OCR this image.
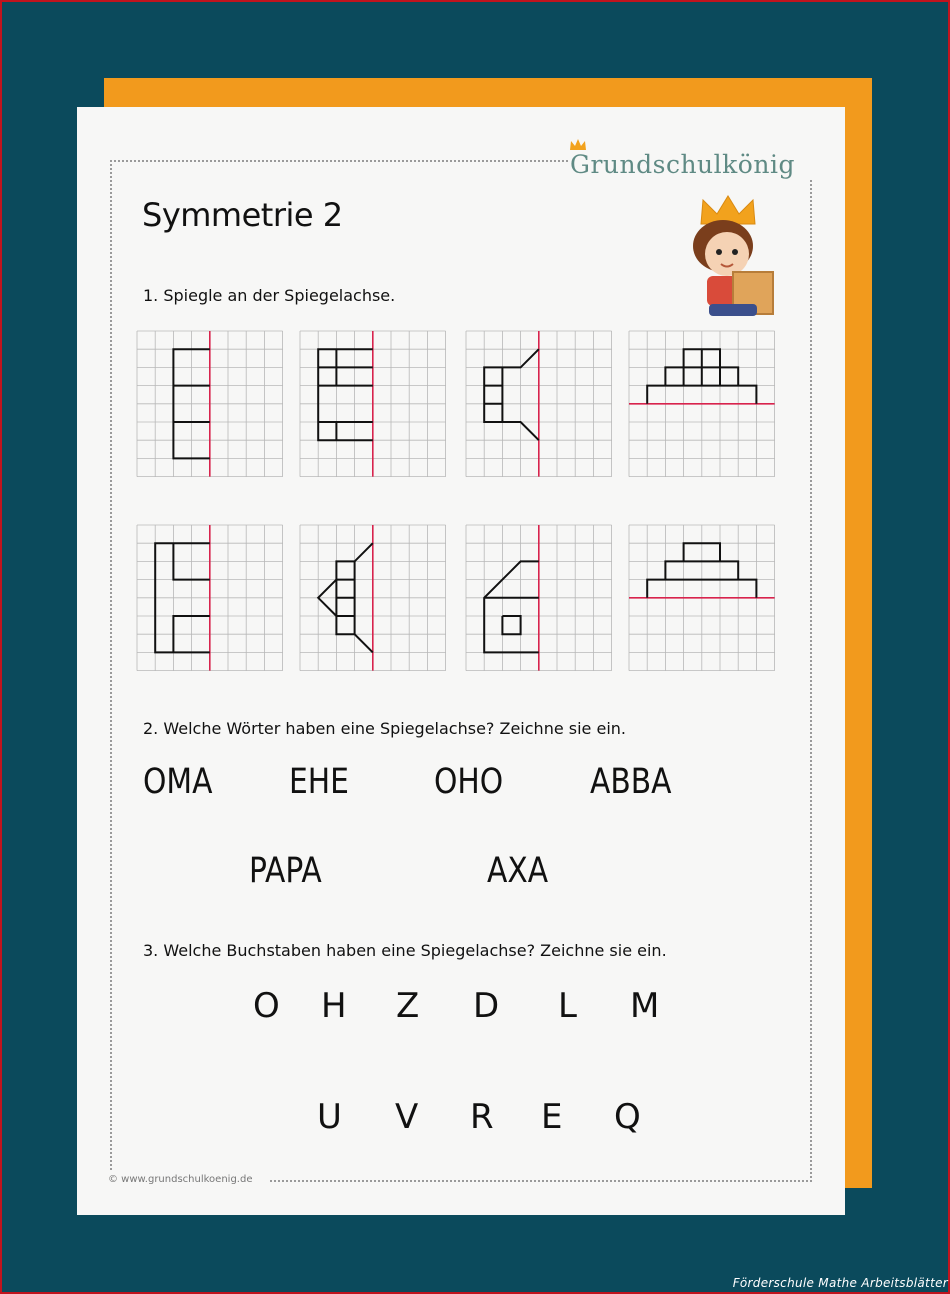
Grundschulkönig
Symmetrie 2
1. Spiegle an der Spiegelachse.
2. Welche Wörter haben eine Spiegelachse? Zeichne sie ein.
OMA EHE OHO ABBA
PAPA	AXA
3. Welche Buchstaben haben eine Spiegelachse? Zeichne sie ein.
O H Z D L M
U V R E Q
© www.grundschulkoenig.de
Förderschule Mathe Arbeitsblätter
